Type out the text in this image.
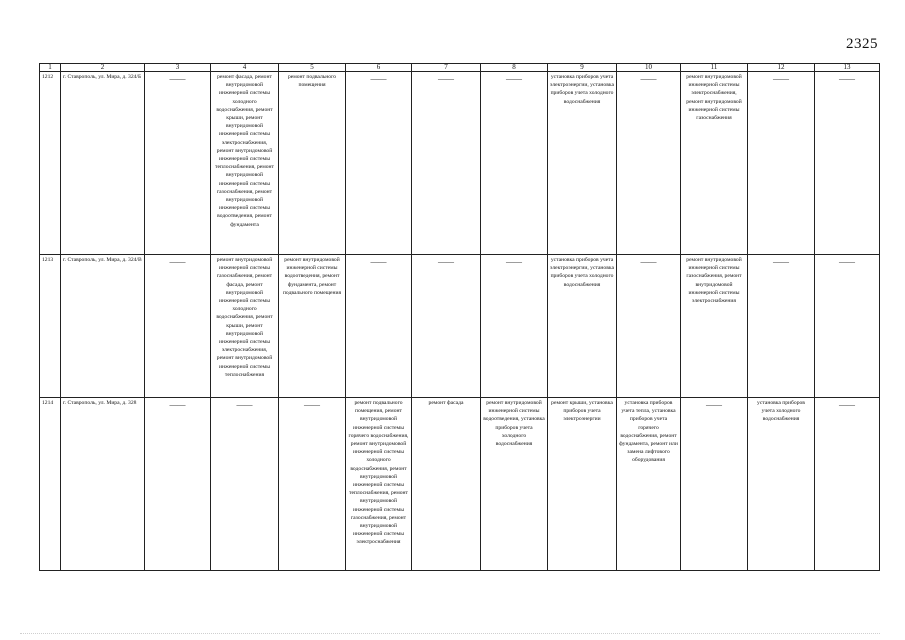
2325
1	2	3	4	5	6	7	8	9	10	11	12	13
1212	г. Ставрополь, ул. Мира, д. 324/Б	——	ремонт фасада, ремонт внутридомовой инженерной системы холодного водоснабжения, ремонт крыши, ремонт внутридомовой инженерной системы электроснабжения, ремонт внутридомовой инженерной системы теплоснабжения, ремонт внутридомовой инженерной системы газоснабжения, ремонт внутридомовой инженерной системы водоотведения, ремонт фундамента	ремонт подвального помещения	——	——	——	установка приборов учета электроэнергии, установка приборов учета холодного водоснабжения	——	ремонт внутридомовой инженерной системы электроснабжения, ремонт внутридомовой инженерной системы газоснабжения	——	——

1213	г. Ставрополь, ул. Мира, д. 324/В	——	ремонт внутридомовой инженерной системы газоснабжения, ремонт фасада, ремонт внутридомовой инженерной системы холодного водоснабжения, ремонт крыши, ремонт внутридомовой инженерной системы электроснабжения, ремонт внутридомовой инженерной системы теплоснабжения	ремонт внутридомовой инженерной системы водоотведения, ремонт фундамента, ремонт подвального помещения	——	——	——	установка приборов учета электроэнергии, установка приборов учета холодного водоснабжения	——	ремонт внутридомовой инженерной системы газоснабжения, ремонт внутридомовой инженерной системы электроснабжения	——	——

1214	г. Ставрополь, ул. Мира, д. 328	——	——	——	ремонт подвального помещения, ремонт внутридомовой инженерной системы горячего водоснабжения, ремонт внутридомовой инженерной системы холодного водоснабжения, ремонт внутридомовой инженерной системы теплоснабжения, ремонт внутридомовой инженерной системы газоснабжения, ремонт внутридомовой инженерной системы электроснабжения	ремонт фасада	ремонт внутридомовой инженерной системы водоотведения, установка приборов учета холодного водоснабжения	ремонт крыши, установка приборов учета электроэнергии	установка приборов учета тепла, установка приборов учета горячего водоснабжения, ремонт фундамента, ремонт или замена лифтового оборудования	——	установка приборов учета холодного водоснабжения	——
